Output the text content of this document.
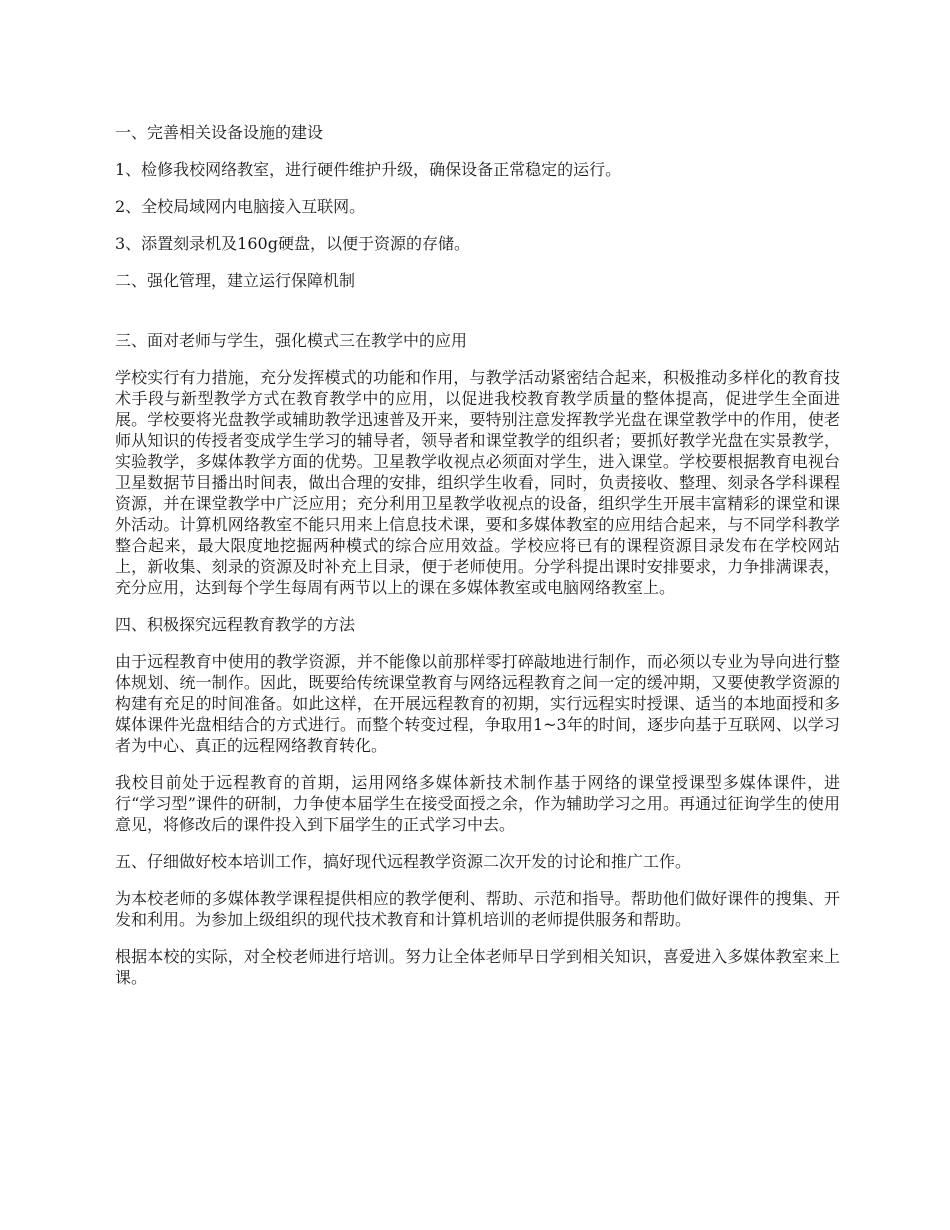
一、完善相关设备设施的建设

1、检修我校网络教室，进行硬件维护升级，确保设备正常稳定的运行。

2、全校局域网内电脑接入互联网。

3、添置刻录机及160g硬盘，以便于资源的存储。

二、强化管理，建立运行保障机制

三、面对老师与学生，强化模式三在教学中的应用

学校实行有力措施，充分发挥模式的功能和作用，与教学活动紧密结合起来，积极推动多样化的教育技术手段与新型教学方式在教育教学中的应用，以促进我校教育教学质量的整体提高，促进学生全面进展。学校要将光盘教学或辅助教学迅速普及开来，要特别注意发挥教学光盘在课堂教学中的作用，使老师从知识的传授者变成学生学习的辅导者，领导者和课堂教学的组织者；要抓好教学光盘在实景教学，实验教学，多媒体教学方面的优势。卫星教学收视点必须面对学生，进入课堂。学校要根据教育电视台卫星数据节目播出时间表，做出合理的安排，组织学生收看，同时，负责接收、整理、刻录各学科课程资源，并在课堂教学中广泛应用；充分利用卫星教学收视点的设备，组织学生开展丰富精彩的课堂和课外活动。计算机网络教室不能只用来上信息技术课，要和多媒体教室的应用结合起来，与不同学科教学整合起来，最大限度地挖掘两种模式的综合应用效益。学校应将已有的课程资源目录发布在学校网站上，新收集、刻录的资源及时补充上目录，便于老师使用。分学科提出课时安排要求，力争排满课表，充分应用，达到每个学生每周有两节以上的课在多媒体教室或电脑网络教室上。

四、积极探究远程教育教学的方法

由于远程教育中使用的教学资源，并不能像以前那样零打碎敲地进行制作，而必须以专业为导向进行整体规划、统一制作。因此，既要给传统课堂教育与网络远程教育之间一定的缓冲期，又要使教学资源的构建有充足的时间准备。如此这样，在开展远程教育的初期，实行远程实时授课、适当的本地面授和多媒体课件光盘相结合的方式进行。而整个转变过程，争取用1~3年的时间，逐步向基于互联网、以学习者为中心、真正的远程网络教育转化。

我校目前处于远程教育的首期，运用网络多媒体新技术制作基于网络的课堂授课型多媒体课件，进行“学习型”课件的研制，力争使本届学生在接受面授之余，作为辅助学习之用。再通过征询学生的使用意见，将修改后的课件投入到下届学生的正式学习中去。

五、仔细做好校本培训工作，搞好现代远程教学资源二次开发的讨论和推广工作。

为本校老师的多媒体教学课程提供相应的教学便利、帮助、示范和指导。帮助他们做好课件的搜集、开发和利用。为参加上级组织的现代技术教育和计算机培训的老师提供服务和帮助。

根据本校的实际，对全校老师进行培训。努力让全体老师早日学到相关知识，喜爱进入多媒体教室来上课。
